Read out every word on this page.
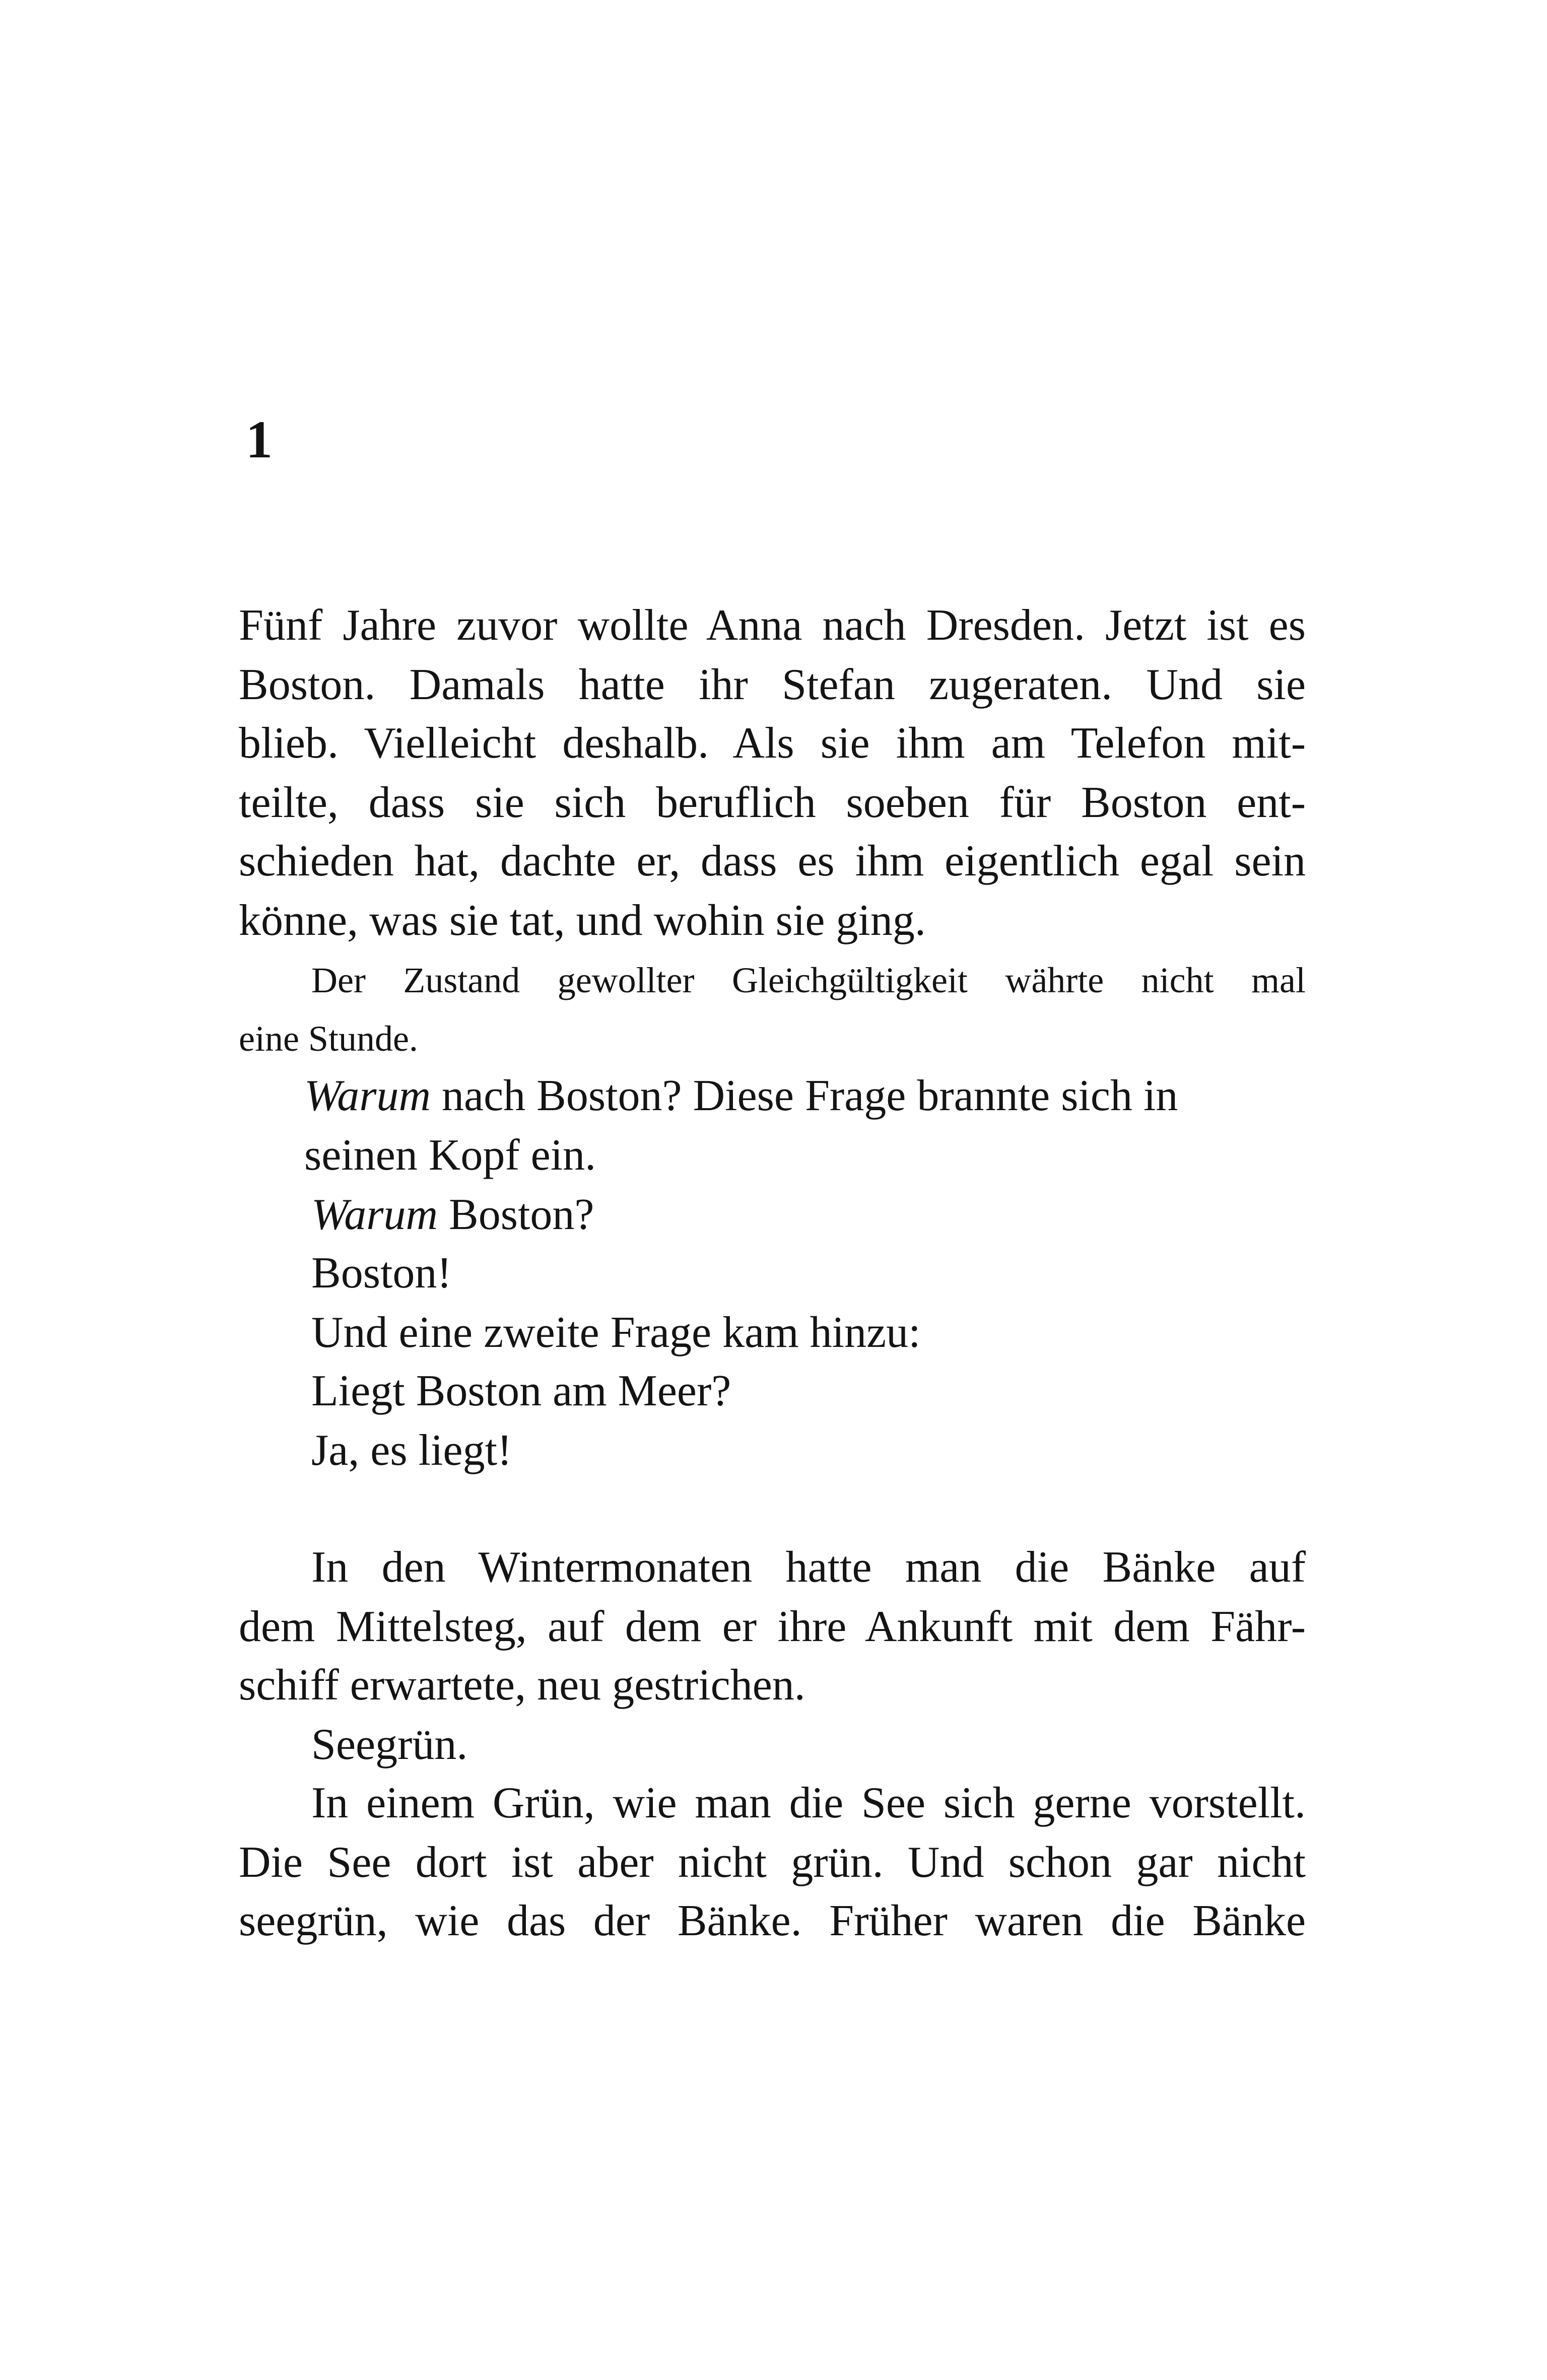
1
Fünf Jahre zuvor wollte Anna nach Dresden. Jetzt ist es
Boston. Damals hatte ihr Stefan zugeraten. Und sie
blieb. Vielleicht deshalb. Als sie ihm am Telefon mit-
teilte, dass sie sich beruflich soeben für Boston ent-
schieden hat, dachte er, dass es ihm eigentlich egal sein
könne, was sie tat, und wohin sie ging.
Der Zustand gewollter Gleichgültigkeit währte nicht mal
eine Stunde.
Warum nach Boston? Diese Frage brannte sich in
seinen Kopf ein.
Warum Boston?
Boston!
Und eine zweite Frage kam hinzu:
Liegt Boston am Meer?
Ja, es liegt!
In den Wintermonaten hatte man die Bänke auf
dem Mittelsteg, auf dem er ihre Ankunft mit dem Fähr-
schiff erwartete, neu gestrichen.
Seegrün.
In einem Grün, wie man die See sich gerne vorstellt.
Die See dort ist aber nicht grün. Und schon gar nicht
seegrün, wie das der Bänke. Früher waren die Bänke
